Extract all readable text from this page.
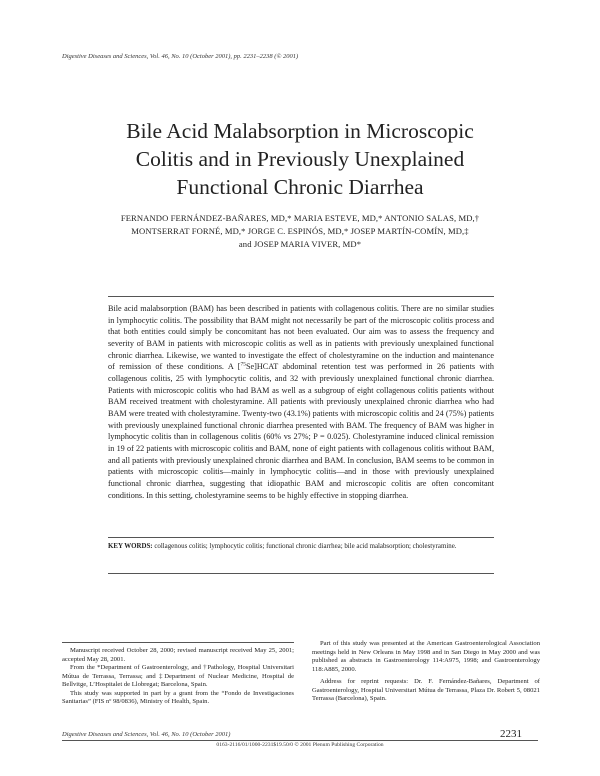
Digestive Diseases and Sciences, Vol. 46, No. 10 (October 2001), pp. 2231–2238 (© 2001)
Bile Acid Malabsorption in Microscopic
Colitis and in Previously Unexplained
Functional Chronic Diarrhea
FERNANDO FERNÁNDEZ-BAÑARES, MD,* MARIA ESTEVE, MD,* ANTONIO SALAS, MD,†
MONTSERRAT FORNÉ, MD,* JORGE C. ESPINÓS, MD,* JOSEP MARTÍN-COMÍN, MD,‡
and JOSEP MARIA VIVER, MD*
Bile acid malabsorption (BAM) has been described in patients with collagenous colitis. There are no similar studies in lymphocytic colitis. The possibility that BAM might not necessarily be part of the microscopic colitis process and that both entities could simply be concomitant has not been evaluated. Our aim was to assess the frequency and severity of BAM in patients with microscopic colitis as well as in patients with previously unexplained functional chronic diarrhea. Likewise, we wanted to investigate the effect of cholestyramine on the induction and maintenance of remission of these conditions. A [$^{75}$Se]HCAT abdominal retention test was performed in 26 patients with collagenous colitis, 25 with lymphocytic colitis, and 32 with previously unexplained functional chronic diarrhea. Patients with microscopic colitis who had BAM as well as a subgroup of eight collagenous colitis patients without BAM received treatment with cholestyramine. All patients with previously unexplained chronic diarrhea who had BAM were treated with cholestyramine. Twenty-two (43.1%) patients with microscopic colitis and 24 (75%) patients with previously unexplained functional chronic diarrhea presented with BAM. The frequency of BAM was higher in lymphocytic colitis than in collagenous colitis (60% vs 27%; P = 0.025). Cholestyramine induced clinical remission in 19 of 22 patients with microscopic colitis and BAM, none of eight patients with collagenous colitis without BAM, and all patients with previously unexplained chronic diarrhea and BAM. In conclusion, BAM seems to be common in patients with microscopic colitis—mainly in lymphocytic colitis—and in those with previously unexplained functional chronic diarrhea, suggesting that idiopathic BAM and microscopic colitis are often concomitant conditions. In this setting, cholestyramine seems to be highly effective in stopping diarrhea.
KEY WORDS: collagenous colitis; lymphocytic colitis; functional chronic diarrhea; bile acid malabsorption; cholestyramine.

Manuscript received October 28, 2000; revised manuscript received May 25, 2001; accepted May 28, 2001.

From the *Department of Gastroenterology, and †Pathology, Hospital Universitari Mútua de Terrassa, Terrassa; and ‡Department of Nuclear Medicine, Hospital de Bellvitge, L’Hospitalet de Llobregat; Barcelona, Spain.

This study was supported in part by a grant from the “Fondo de Investigaciones Sanitarias” (FIS nº 98/0836), Ministry of Health, Spain.

Part of this study was presented at the American Gastroenterological Association meetings held in New Orleans in May 1998 and in San Diego in May 2000 and was published as abstracts in Gastroenterology 114:A975, 1998; and Gastroenterology 118:A885, 2000.

Address for reprint requests: Dr. F. Fernández-Bañares, Department of Gastroenterology, Hospital Universitari Mútua de Terrassa, Plaza Dr. Robert 5, 08021 Terrassa (Barcelona), Spain.

Digestive Diseases and Sciences, Vol. 46, No. 10 (October 2001)	2231
0163-2116/01/1000-2231$19.50/0 © 2001 Plenum Publishing Corporation
